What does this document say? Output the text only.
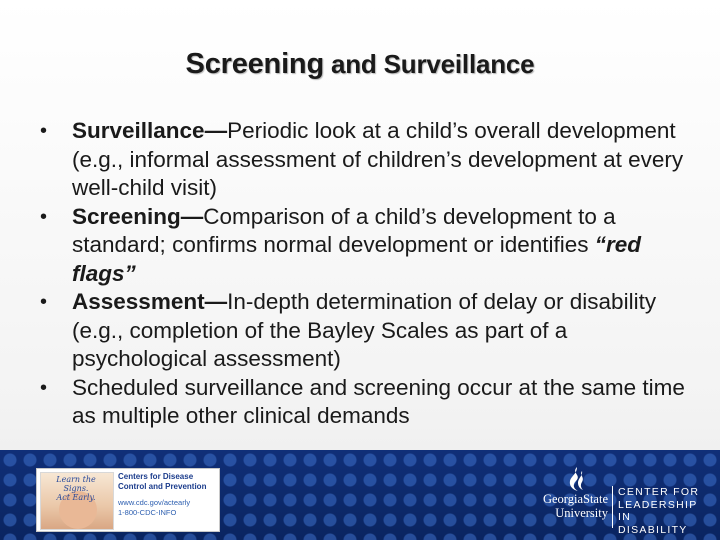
Screening and Surveillance
• Surveillance—Periodic look at a child’s overall development (e.g., informal assessment of children’s development at every well-child visit)
• Screening—Comparison of a child’s development to a standard; confirms normal development or identifies “red flags”
• Assessment—In-depth determination of delay or disability (e.g., completion of the Bayley Scales as part of a psychological assessment)
• Scheduled surveillance and screening occur at the same time as multiple other clinical demands
Learn the Signs.
Act Early.
Centers for Disease
Control and Prevention
www.cdc.gov/actearly
1-800-CDC-INFO
GeorgiaState
University
CENTER FOR
LEADERSHIP IN
DISABILITY
